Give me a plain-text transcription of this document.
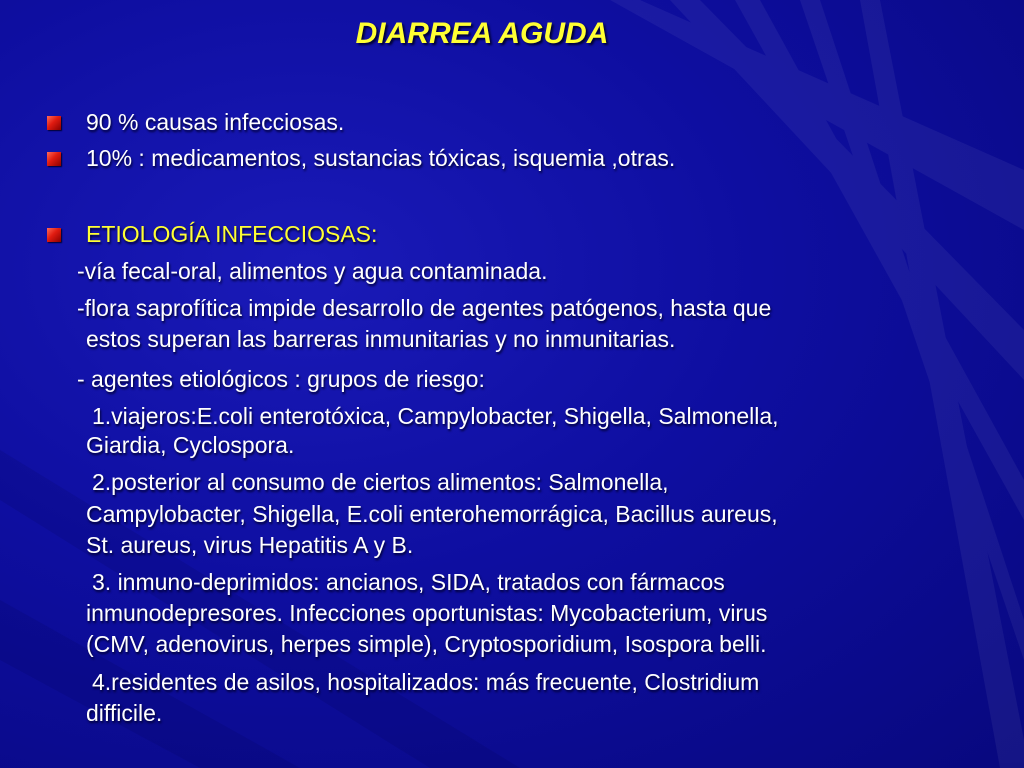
DIARREA AGUDA
90 % causas infecciosas.
10% : medicamentos, sustancias tóxicas, isquemia ,otras.
ETIOLOGÍA INFECCIOSAS:
-vía fecal-oral, alimentos y agua contaminada.
-flora saprofítica impide desarrollo de agentes patógenos, hasta que
estos superan las barreras inmunitarias y no inmunitarias.
- agentes etiológicos : grupos de riesgo:
1.viajeros:E.coli enterotóxica, Campylobacter, Shigella, Salmonella,
Giardia, Cyclospora.
2.posterior al consumo de ciertos alimentos: Salmonella,
Campylobacter, Shigella, E.coli enterohemorrágica, Bacillus aureus,
St. aureus, virus Hepatitis A y B.
3. inmuno-deprimidos: ancianos, SIDA, tratados con fármacos
inmunodepresores. Infecciones oportunistas: Mycobacterium, virus
(CMV, adenovirus, herpes simple), Cryptosporidium, Isospora belli.
4.residentes de asilos, hospitalizados: más frecuente, Clostridium
difficile.
